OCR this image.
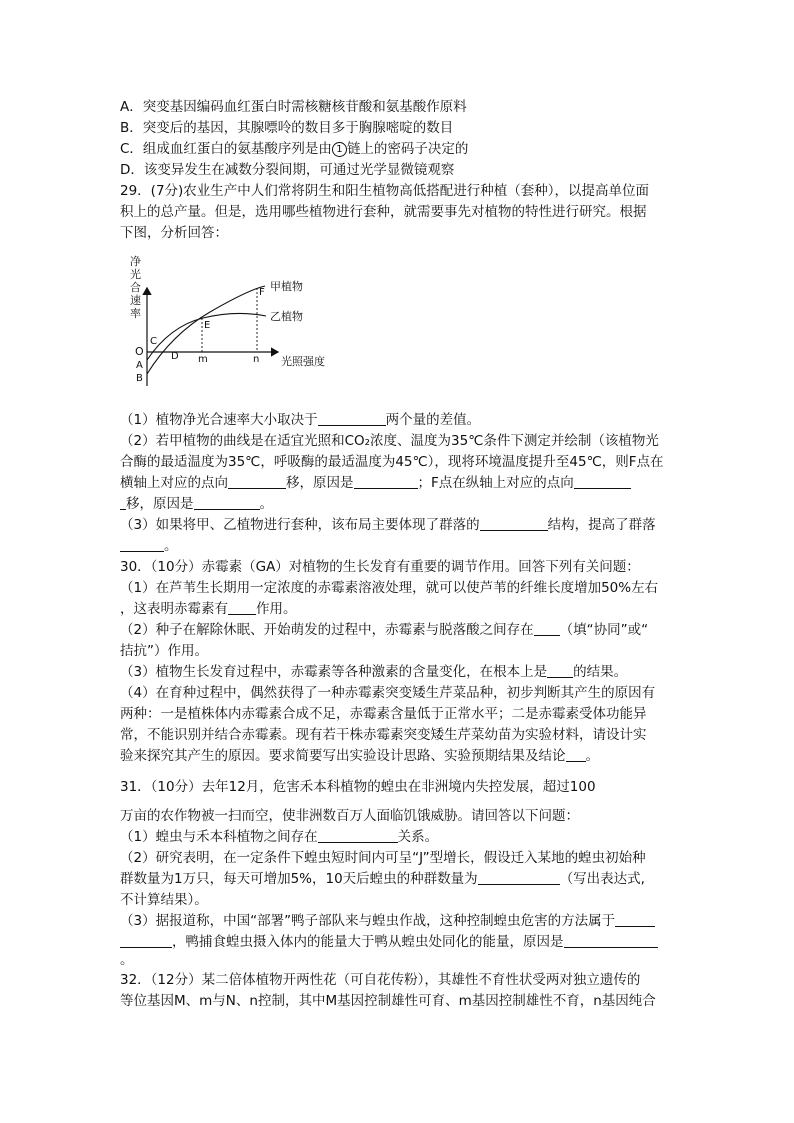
A．突变基因编码血红蛋白时需核糖核苷酸和氨基酸作原料
B．突变后的基因，其腺嘌呤的数目多于胸腺嘧啶的数目
C．组成血红蛋白的氨基酸序列是由 1 链上的密码子决定的
D．该变异发生在减数分裂间期，可通过光学显微镜观察
29．(7分)农业生产中人们常将阴生和阳生植物高低搭配进行种植（套种），以提高单位面
积上的总产量。但是，选用哪些植物进行套种，就需要事先对植物的特性进行研究。根据
下图，分析回答：
净
光
合
速
率
光照强度
甲植物
乙植物
O
A
B
C
D
E
F
m	n
（1）植物净光合速率大小取决于	两个量的差值。
（2）若甲植物的曲线是在适宜光照和CO₂浓度、温度为35℃条件下测定并绘制（该植物光
合酶的最适温度为35℃，呼吸酶的最适温度为45℃），现将环境温度提升至45℃，则F点在
横轴上对应的点向	移，原因是	；F点在纵轴上对应的点向
移，原因是	。
（3）如果将甲、乙植物进行套种，该布局主要体现了群落的	结构，提高了群落
。
30．（10分）赤霉素（GA）对植物的生长发育有重要的调节作用。回答下列有关问题：
（1）在芦苇生长期用一定浓度的赤霉素溶液处理，就可以使芦苇的纤维长度增加50%左右
，这表明赤霉素有 作用。
（2）种子在解除休眠、开始萌发的过程中，赤霉素与脱落酸之间存在 （填“协同”或“
拮抗”）作用。
（3）植物生长发育过程中，赤霉素等各种激素的含量变化，在根本上是 的结果。
（4）在育种过程中，偶然获得了一种赤霉素突变矮生芹菜品种，初步判断其产生的原因有
两种：一是植株体内赤霉素合成不足，赤霉素含量低于正常水平；二是赤霉素受体功能异
常，不能识别并结合赤霉素。现有若干株赤霉素突变矮生芹菜幼苗为实验材料，请设计实
验来探究其产生的原因。要求简要写出实验设计思路、实验预期结果及结论 。
31．（10分）去年12月，危害禾本科植物的蝗虫在非洲境内失控发展，超过100
万亩的农作物被一扫而空，使非洲数百万人面临饥饿威胁。请回答以下问题：
（1）蝗虫与禾本科植物之间存在	关系。
（2）研究表明，在一定条件下蝗虫短时间内可呈“J”型增长，假设迁入某地的蝗虫初始种
群数量为1万只，每天可增加5%，10天后蝗虫的种群数量为	（写出表达式,
不计算结果）。
（3）据报道称，中国“部署”鸭子部队来与蝗虫作战，这种控制蝗虫危害的方法属于
，鸭捕食蝗虫摄入体内的能量大于鸭从蝗虫处同化的能量，原因是
。
32．（12分）某二倍体植物开两性花（可自花传粉），其雄性不育性状受两对独立遗传的
等位基因M、m与N、n控制，其中M基因控制雄性可育、m基因控制雄性不育，n基因纯合
